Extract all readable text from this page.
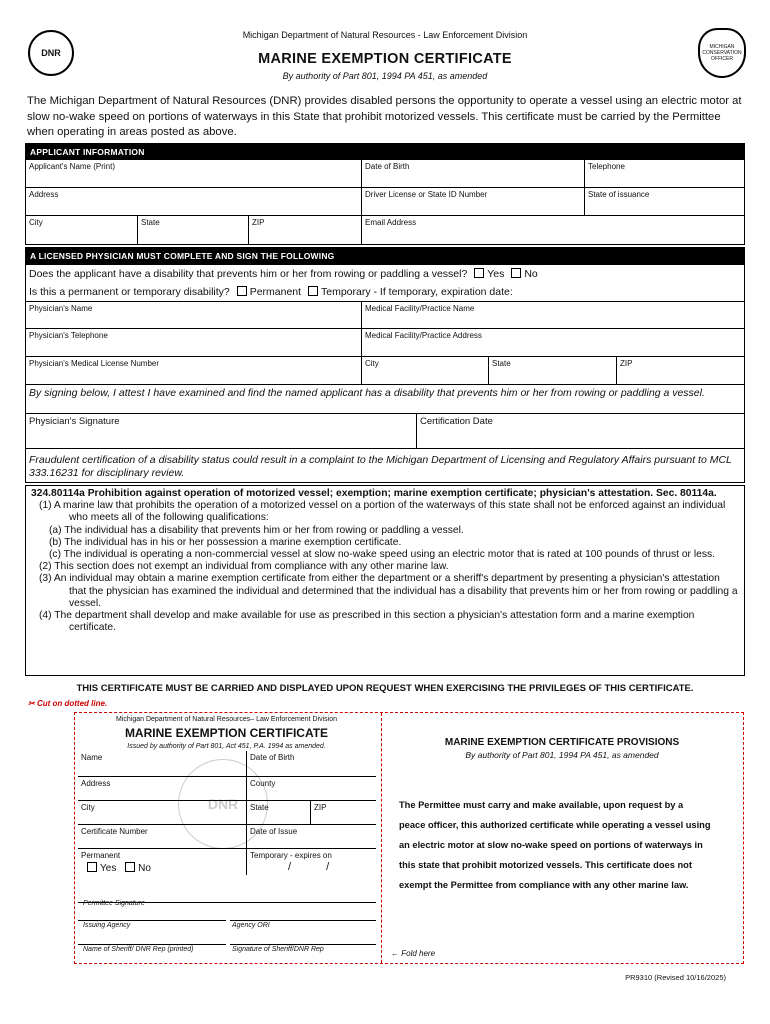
DNR
Michigan Department of Natural Resources - Law Enforcement Division
MARINE EXEMPTION CERTIFICATE
By authority of Part 801, 1994 PA 451, as amended
MICHIGAN CONSERVATION OFFICER
The Michigan Department of Natural Resources (DNR) provides disabled persons the opportunity to operate a vessel using an electric motor at slow no-wake speed on portions of waterways in this State that prohibit motorized vessels. This certificate must be carried by the Permittee when operating in areas posted as above.
APPLICANT INFORMATION
Applicant's Name (Print)	Date of Birth	Telephone
Address	Driver License or State ID Number	State of issuance
City	State	ZIP	Email Address
A LICENSED PHYSICIAN MUST COMPLETE AND SIGN THE FOLLOWING
Does the applicant have a disability that prevents him or her from rowing or paddling a vessel? Yes No
Is this a permanent or temporary disability? Permanent Temporary - If temporary, expiration date:
Physician's Name	Medical Facility/Practice Name
Physician's Telephone	Medical Facility/Practice Address
Physician's Medical License Number	City	State	ZIP
By signing below, I attest I have examined and find the named applicant has a disability that prevents him or her from rowing or paddling a vessel.
Physician's Signature	Certification Date
Fraudulent certification of a disability status could result in a complaint to the Michigan Department of Licensing and Regulatory Affairs pursuant to MCL 333.16231 for disciplinary review.
324.80114a Prohibition against operation of motorized vessel; exemption; marine exemption certificate; physician's attestation. Sec. 80114a.
(1) A marine law that prohibits the operation of a motorized vessel on a portion of the waterways of this state shall not be enforced against an individual who meets all of the following qualifications:
(a) The individual has a disability that prevents him or her from rowing or paddling a vessel.
(b) The individual has in his or her possession a marine exemption certificate.
(c) The individual is operating a non-commercial vessel at slow no-wake speed using an electric motor that is rated at 100 pounds of thrust or less.
(2) This section does not exempt an individual from compliance with any other marine law.
(3) An individual may obtain a marine exemption certificate from either the department or a sheriff's department by presenting a physician's attestation that the physician has examined the individual and determined that the individual has a disability that prevents him or her from rowing or paddling a vessel.
(4) The department shall develop and make available for use as prescribed in this section a physician's attestation form and a marine exemption certificate.
THIS CERTIFICATE MUST BE CARRIED AND DISPLAYED UPON REQUEST WHEN EXERCISING THE PRIVILEGES OF THIS CERTIFICATE.
✂ Cut on dotted line.
Michigan Department of Natural Resources– Law Enforcement Division
MARINE EXEMPTION CERTIFICATE
Issued by authority of Part 801, Act 451, P.A. 1994 as amended.
DNR
Name	Date of Birth
Address	County
City	State	ZIP
Certificate Number	Date of Issue
Permanent
Yes No
Temporary - expires on
/	/
Permittee Signature
Issuing Agency	Agency ORI
Name of Sheriff/ DNR Rep (printed)	Signature of Sheriff/DNR Rep	← Fold here
MARINE EXEMPTION CERTIFICATE PROVISIONS
By authority of Part 801, 1994 PA 451, as amended
The Permittee must carry and make available, upon request by a peace officer, this authorized certificate while operating a vessel using an electric motor at slow no-wake speed on portions of waterways in this state that prohibit motorized vessels. This certificate does not exempt the Permittee from compliance with any other marine law.
PR9310 (Revised 10/16/2025)
